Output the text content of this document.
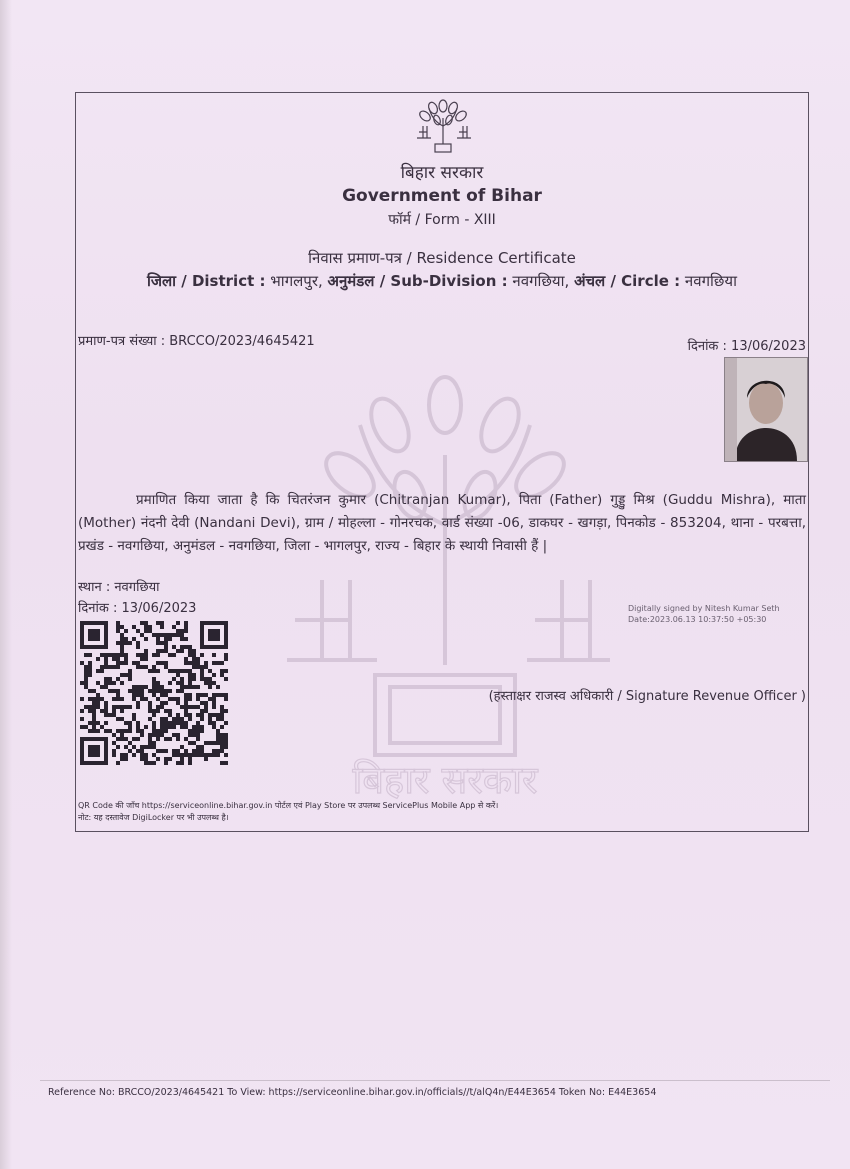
बिहार सरकार
Government of Bihar
फॉर्म / Form - XIII
निवास प्रमाण-पत्र / Residence Certificate
जिला / District : भागलपुर, अनुमंडल / Sub-Division : नवगछिया, अंचल / Circle : नवगछिया
प्रमाण-पत्र संख्या : BRCCO/2023/4645421	दिनांक : 13/06/2023
बिहार सरकार
प्रमाणित किया जाता है कि चितरंजन कुमार (Chitranjan Kumar), पिता (Father) गुड्डु मिश्र (Guddu Mishra), माता (Mother) नंदनी देवी (Nandani Devi), ग्राम / मोहल्ला - गोनरचक, वार्ड संख्या -06, डाकघर - खगड़ा, पिनकोड - 853204, थाना - परबत्ता, प्रखंड - नवगछिया, अनुमंडल - नवगछिया, जिला - भागलपुर, राज्य - बिहार के स्थायी निवासी हैं |
स्थान : नवगछिया
दिनांक : 13/06/2023	Digitally signed by Nitesh Kumar Seth
Date:2023.06.13 10:37:50 +05:30
(हस्ताक्षर राजस्व अधिकारी / Signature Revenue Officer )
QR Code की जाँच https://serviceonline.bihar.gov.in पोर्टल एवं Play Store पर उपलब्ध ServicePlus Mobile App से करें।
नोट: यह दस्तावेज DigiLocker पर भी उपलब्ध है।
Reference No: BRCCO/2023/4645421 To View: https://serviceonline.bihar.gov.in/officials//t/alQ4n/E44E3654 Token No: E44E3654
